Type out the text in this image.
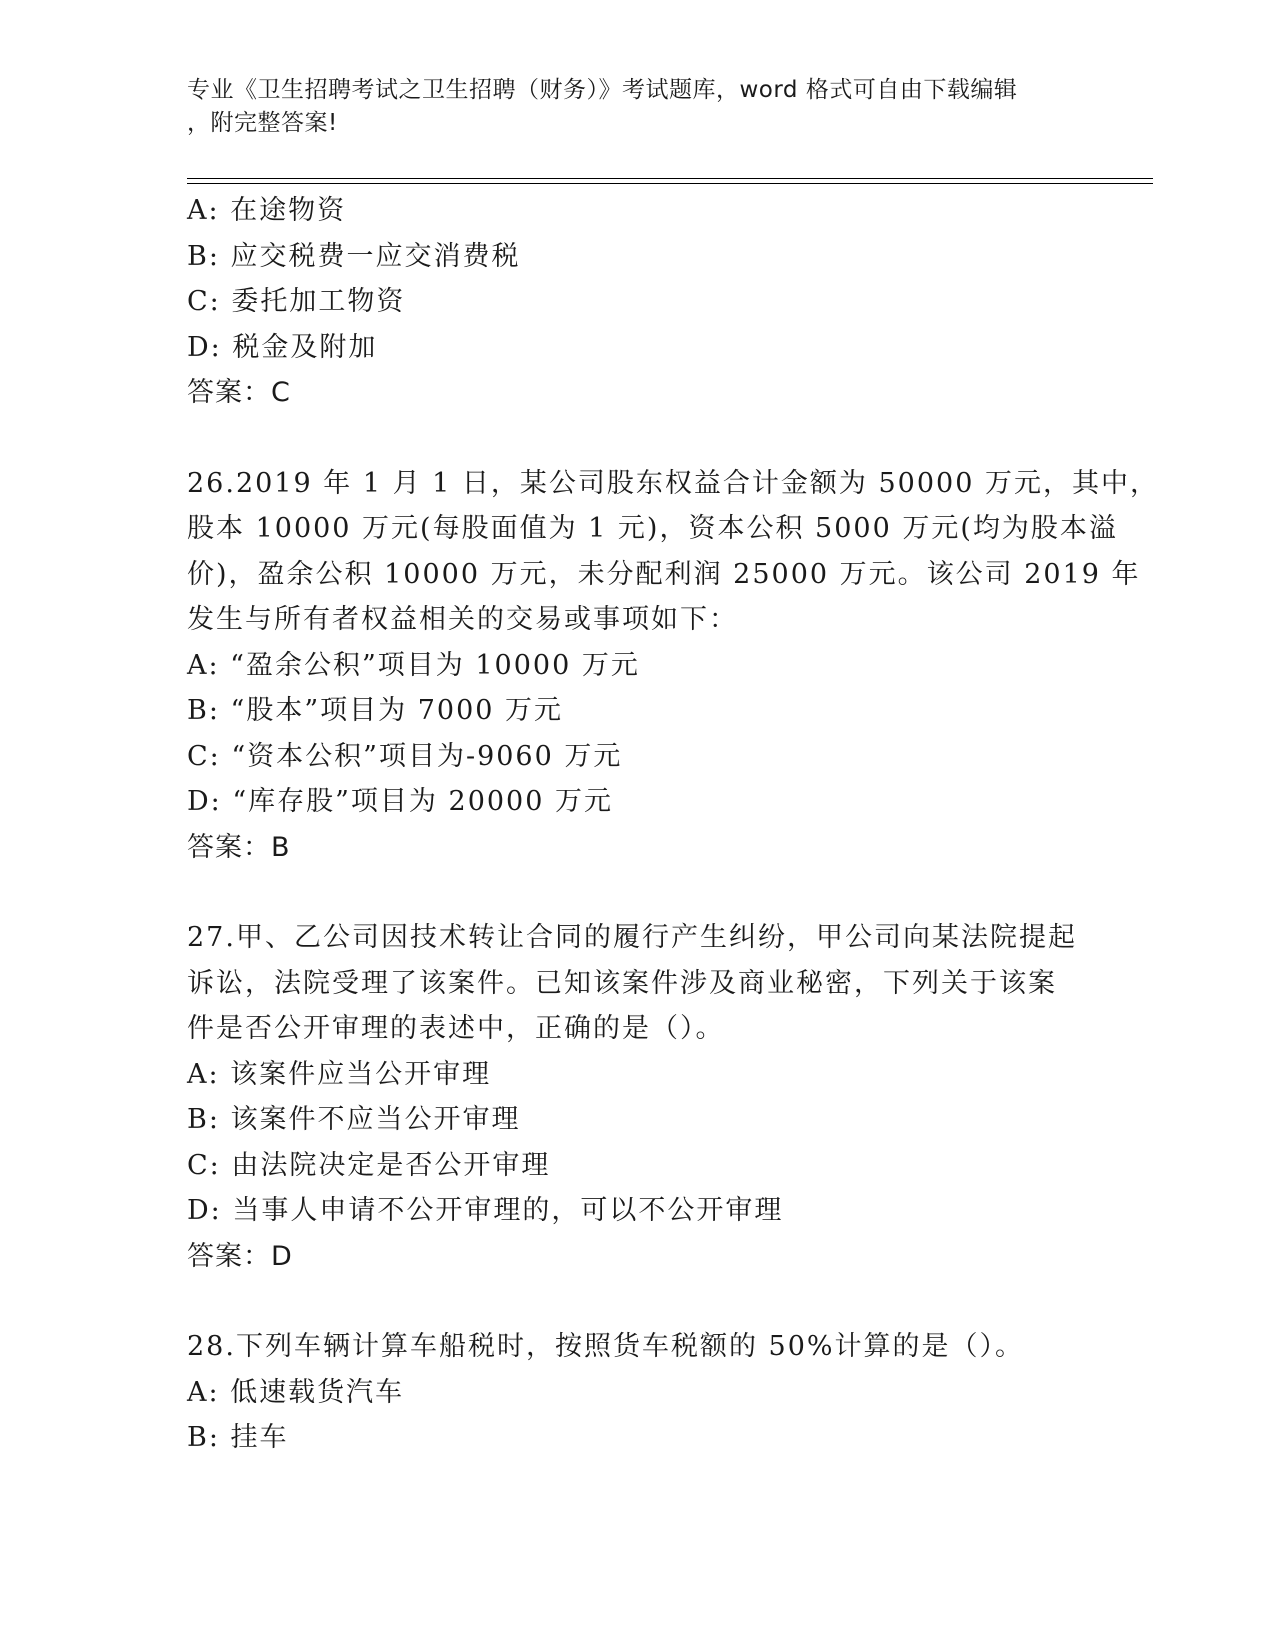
专业《卫生招聘考试之卫生招聘（财务）》考试题库，word 格式可自由下载编辑
，附完整答案!
A: 在途物资
B: 应交税费一应交消费税
C: 委托加工物资
D: 税金及附加
答案：C
26.2019 年 1 月 1 日，某公司股东权益合计金额为 50000 万元，其中，
股本 10000 万元(每股面值为 1 元)，资本公积 5000 万元(均为股本溢
价)，盈余公积 10000 万元，未分配利润 25000 万元。该公司 2019 年
发生与所有者权益相关的交易或事项如下：
A: “盈余公积”项目为 10000 万元
B: “股本”项目为 7000 万元
C: “资本公积”项目为-9060 万元
D: “库存股”项目为 20000 万元
答案：B
27.甲、乙公司因技术转让合同的履行产生纠纷，甲公司向某法院提起
诉讼，法院受理了该案件。已知该案件涉及商业秘密，下列关于该案
件是否公开审理的表述中，正确的是（）。
A: 该案件应当公开审理
B: 该案件不应当公开审理
C: 由法院决定是否公开审理
D: 当事人申请不公开审理的，可以不公开审理
答案：D
28.下列车辆计算车船税时，按照货车税额的 50%计算的是（）。
A: 低速载货汽车
B: 挂车
